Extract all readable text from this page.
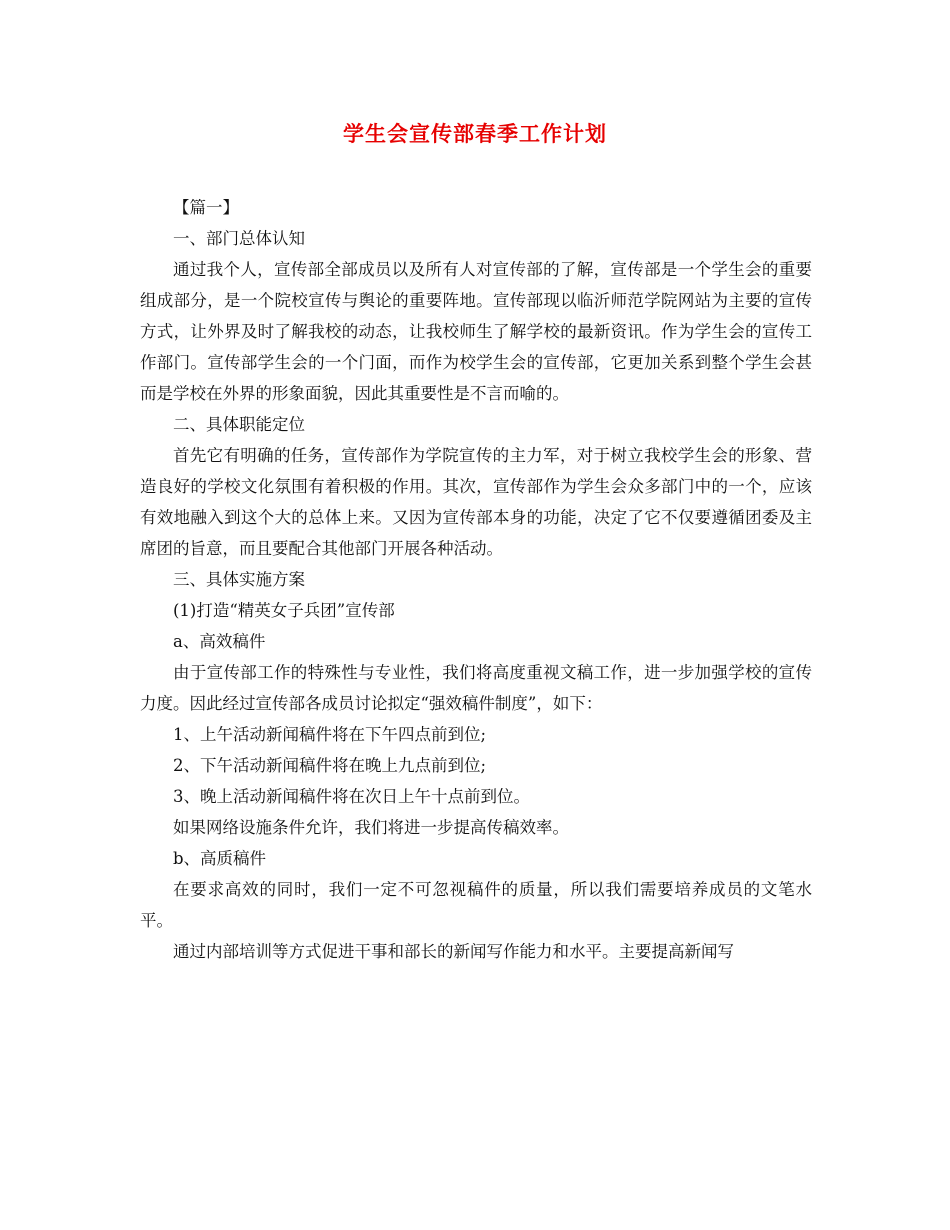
学生会宣传部春季工作计划

【篇一】

一、部门总体认知

通过我个人，宣传部全部成员以及所有人对宣传部的了解，宣传部是一个学生会的重要组成部分，是一个院校宣传与舆论的重要阵地。宣传部现以临沂师范学院网站为主要的宣传方式，让外界及时了解我校的动态，让我校师生了解学校的最新资讯。作为学生会的宣传工作部门。宣传部学生会的一个门面，而作为校学生会的宣传部，它更加关系到整个学生会甚而是学校在外界的形象面貌，因此其重要性是不言而喻的。

二、具体职能定位

首先它有明确的任务，宣传部作为学院宣传的主力军，对于树立我校学生会的形象、营造良好的学校文化氛围有着积极的作用。其次，宣传部作为学生会众多部门中的一个，应该有效地融入到这个大的总体上来。又因为宣传部本身的功能，决定了它不仅要遵循团委及主席团的旨意，而且要配合其他部门开展各种活动。

三、具体实施方案

(1)打造“精英女子兵团”宣传部

a、高效稿件

由于宣传部工作的特殊性与专业性，我们将高度重视文稿工作，进一步加强学校的宣传力度。因此经过宣传部各成员讨论拟定“强效稿件制度”，如下：

1、上午活动新闻稿件将在下午四点前到位;

2、下午活动新闻稿件将在晚上九点前到位;

3、晚上活动新闻稿件将在次日上午十点前到位。

如果网络设施条件允许，我们将进一步提高传稿效率。

b、高质稿件

在要求高效的同时，我们一定不可忽视稿件的质量，所以我们需要培养成员的文笔水平。

通过内部培训等方式促进干事和部长的新闻写作能力和水平。主要提高新闻写
